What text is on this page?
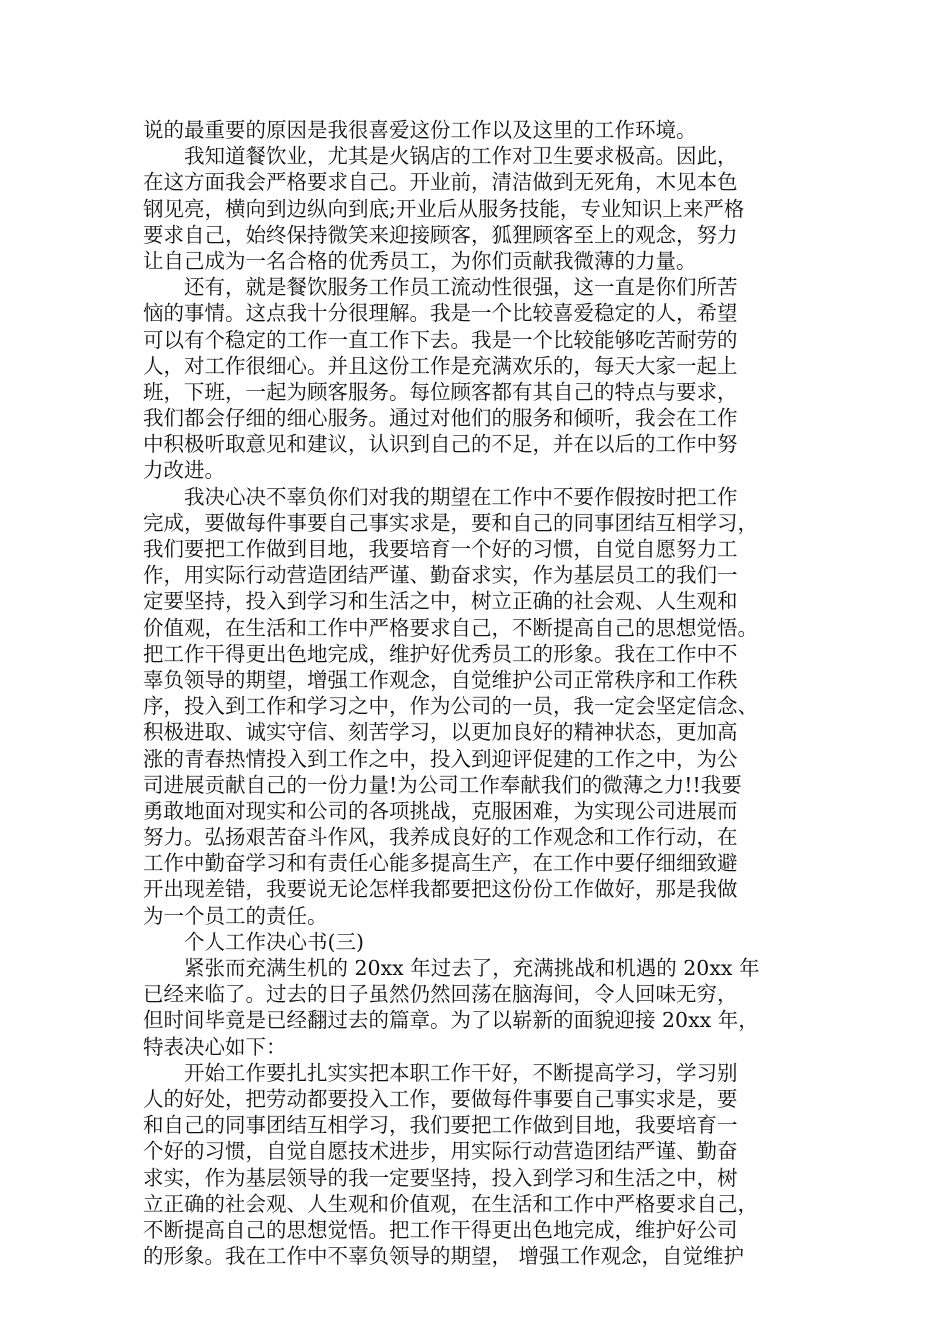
说的最重要的原因是我很喜爱这份工作以及这里的工作环境。
我知道餐饮业，尤其是火锅店的工作对卫生要求极高。因此，
在这方面我会严格要求自己。开业前，清洁做到无死角，木见本色
钢见亮，横向到边纵向到底;开业后从服务技能，专业知识上来严格
要求自己，始终保持微笑来迎接顾客，狐狸顾客至上的观念，努力
让自己成为一名合格的优秀员工，为你们贡献我微薄的力量。
还有，就是餐饮服务工作员工流动性很强，这一直是你们所苦
恼的事情。这点我十分很理解。我是一个比较喜爱稳定的人，希望
可以有个稳定的工作一直工作下去。我是一个比较能够吃苦耐劳的
人，对工作很细心。并且这份工作是充满欢乐的，每天大家一起上
班，下班，一起为顾客服务。每位顾客都有其自己的特点与要求，
我们都会仔细的细心服务。通过对他们的服务和倾听，我会在工作
中积极听取意见和建议，认识到自己的不足，并在以后的工作中努
力改进。
我决心决不辜负你们对我的期望在工作中不要作假按时把工作
完成，要做每件事要自己事实求是，要和自己的同事团结互相学习，
我们要把工作做到目地，我要培育一个好的习惯，自觉自愿努力工
作，用实际行动营造团结严谨、勤奋求实，作为基层员工的我们一
定要坚持，投入到学习和生活之中，树立正确的社会观、人生观和
价值观，在生活和工作中严格要求自己，不断提高自己的思想觉悟。
把工作干得更出色地完成，维护好优秀员工的形象。我在工作中不
辜负领导的期望，增强工作观念，自觉维护公司正常秩序和工作秩
序，投入到工作和学习之中，作为公司的一员，我一定会坚定信念、
积极进取、诚实守信、刻苦学习，以更加良好的精神状态，更加高
涨的青春热情投入到工作之中，投入到迎评促建的工作之中，为公
司进展贡献自己的一份力量!为公司工作奉献我们的微薄之力!!我要
勇敢地面对现实和公司的各项挑战，克服困难，为实现公司进展而
努力。弘扬艰苦奋斗作风，我养成良好的工作观念和工作行动，在
工作中勤奋学习和有责任心能多提高生产，在工作中要仔细细致避
开出现差错，我要说无论怎样我都要把这份份工作做好，那是我做
为一个员工的责任。
个人工作决心书(三)
紧张而充满生机的 20xx 年过去了，充满挑战和机遇的 20xx 年
已经来临了。过去的日子虽然仍然回荡在脑海间，令人回味无穷，
但时间毕竟是已经翻过去的篇章。为了以崭新的面貌迎接 20xx 年，
特表决心如下：
开始工作要扎扎实实把本职工作干好，不断提高学习，学习别
人的好处，把劳动都要投入工作，要做每件事要自己事实求是，要
和自己的同事团结互相学习，我们要把工作做到目地，我要培育一
个好的习惯，自觉自愿技术进步，用实际行动营造团结严谨、勤奋
求实，作为基层领导的我一定要坚持，投入到学习和生活之中，树
立正确的社会观、人生观和价值观，在生活和工作中严格要求自己，
不断提高自己的思想觉悟。把工作干得更出色地完成，维护好公司
的形象。我在工作中不辜负领导的期望， 增强工作观念，自觉维护
